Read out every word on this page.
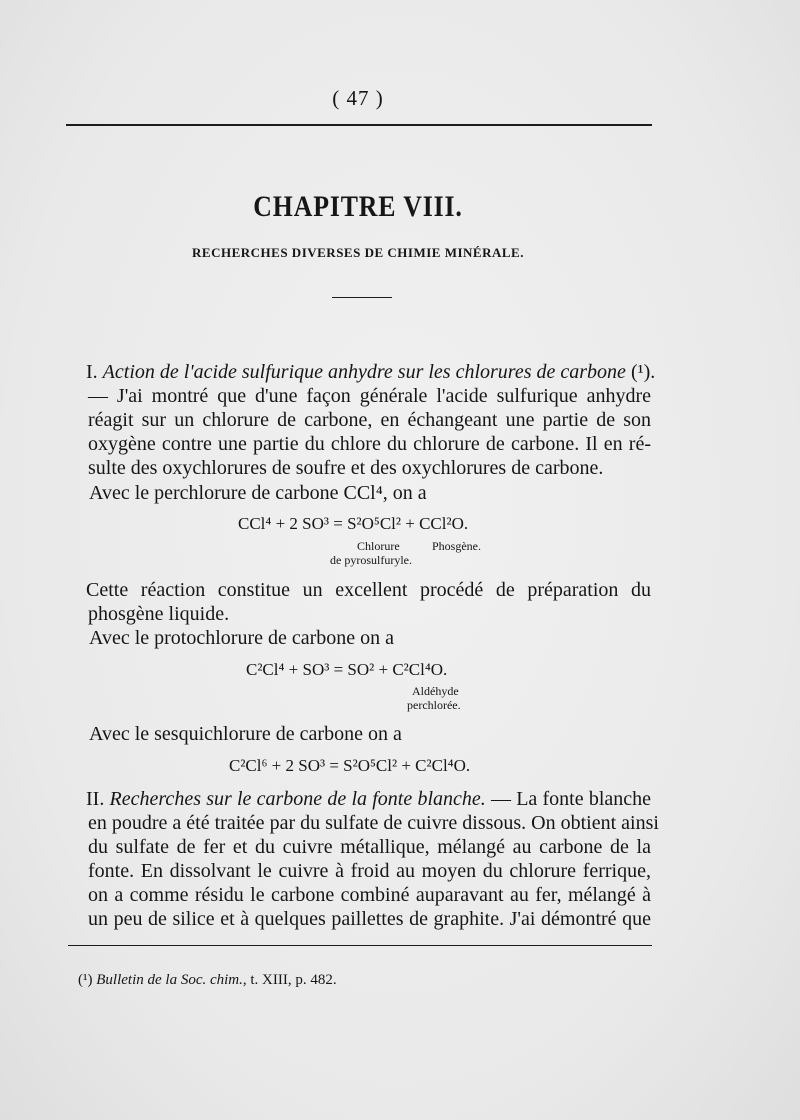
( 47 )
CHAPITRE VIII.
RECHERCHES DIVERSES DE CHIMIE MINÉRALE.
I. Action de l'acide sulfurique anhydre sur les chlorures de carbone (¹).
— J'ai montré que d'une façon générale l'acide sulfurique anhydre
réagit sur un chlorure de carbone, en échangeant une partie de son
oxygène contre une partie du chlore du chlorure de carbone. Il en ré-
sulte des oxychlorures de soufre et des oxychlorures de carbone.
Avec le perchlorure de carbone CCl⁴, on a
CCl⁴ + 2 SO³ = S²O⁵Cl² + CCl²O.
Chlorure	Phosgène.
de pyrosulfuryle.
Cette réaction constitue un excellent procédé de préparation du
phosgène liquide.
Avec le protochlorure de carbone on a
C²Cl⁴ + SO³ = SO² + C²Cl⁴O.
Aldéhyde
perchlorée.
Avec le sesquichlorure de carbone on a
C²Cl⁶ + 2 SO³ = S²O⁵Cl² + C²Cl⁴O.
II. Recherches sur le carbone de la fonte blanche. — La fonte blanche
en poudre a été traitée par du sulfate de cuivre dissous. On obtient ainsi
du sulfate de fer et du cuivre métallique, mélangé au carbone de la
fonte. En dissolvant le cuivre à froid au moyen du chlorure ferrique,
on a comme résidu le carbone combiné auparavant au fer, mélangé à
un peu de silice et à quelques paillettes de graphite. J'ai démontré que
(¹) Bulletin de la Soc. chim., t. XIII, p. 482.
